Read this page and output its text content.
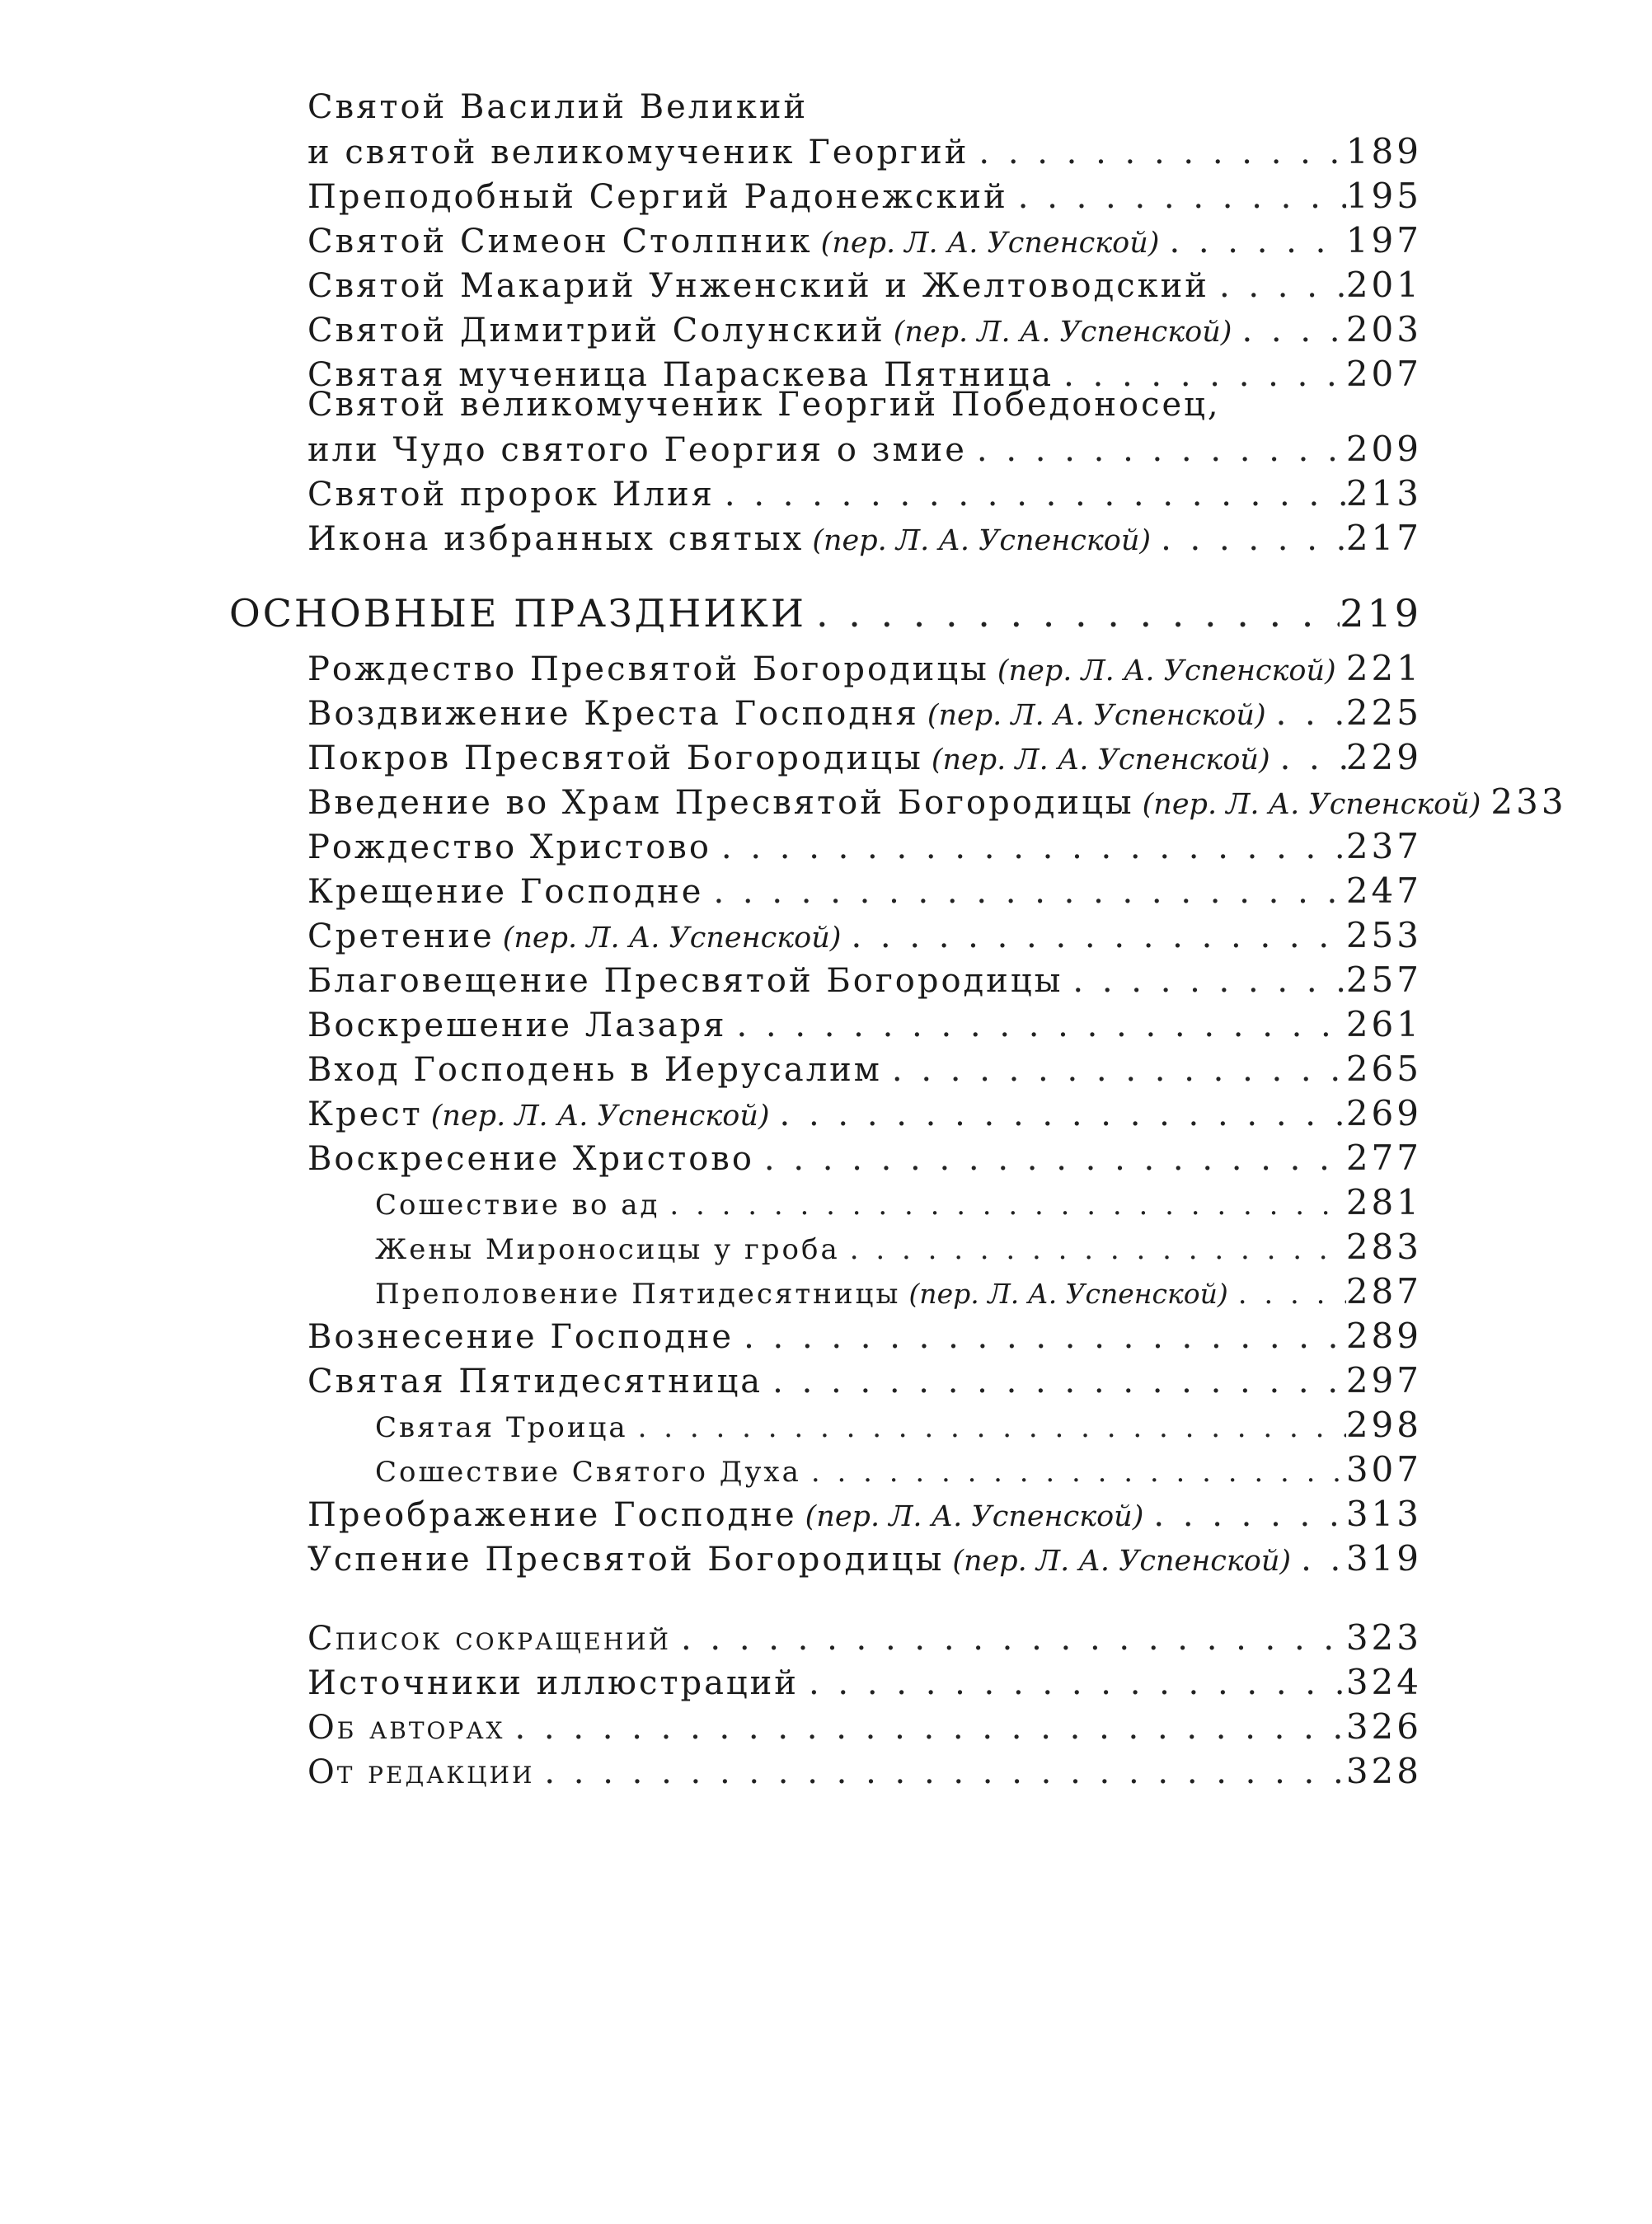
Святой Василий Великий
и святой великомученик Георгий . . .	189
Преподобный Сергий Радонежский . . .	195
Святой Симеон Столпник (пер. Л. А. Успенской) . . .	197
Святой Макарий Унженский и Желтоводский . . .	201
Святой Димитрий Солунский (пер. Л. А. Успенской) . . .	203
Святая мученица Параскева Пятница . . .	207
Святой великомученик Георгий Победоносец,
или Чудо святого Георгия о змие . . .	209
Святой пророк Илия . . .	213
Икона избранных святых (пер. Л. А. Успенской) . . .	217
ОСНОВНЫЕ ПРАЗДНИКИ . . .	219
Рождество Пресвятой Богородицы (пер. Л. А. Успенской) . . . 221
Воздвижение Креста Господня (пер. Л. А. Успенской) . . . 225
Покров Пресвятой Богородицы (пер. Л. А. Успенской) . . . 229
Введение во Храм Пресвятой Богородицы (пер. Л. А. Успенской) . . . 233
Рождество Христово . . .	237
Крещение Господне . . .	247
Сретение (пер. Л. А. Успенской) . . .	253
Благовещение Пресвятой Богородицы . . .	257
Воскрешение Лазаря . . .	261
Вход Господень в Иерусалим . . .	265
Крест (пер. Л. А. Успенской) . . .	269
Воскресение Христово . . .	277
Сошествие во ад . . .	281
Жены Мироносицы у гроба . . .	283
Преполовение Пятидесятницы (пер. Л. А. Успенской) . . .	287
Вознесение Господне . . .	289
Святая Пятидесятница . . .	297
Святая Троица . . .	298
Сошествие Святого Духа . . .	307
Преображение Господне (пер. Л. А. Успенской) . . .	313
Успение Пресвятой Богородицы (пер. Л. А. Успенской) . . . 319
Список сокращений . . .	323
Источники иллюстраций . . .	324
Об авторах . . .	326
От редакции . . .	328
